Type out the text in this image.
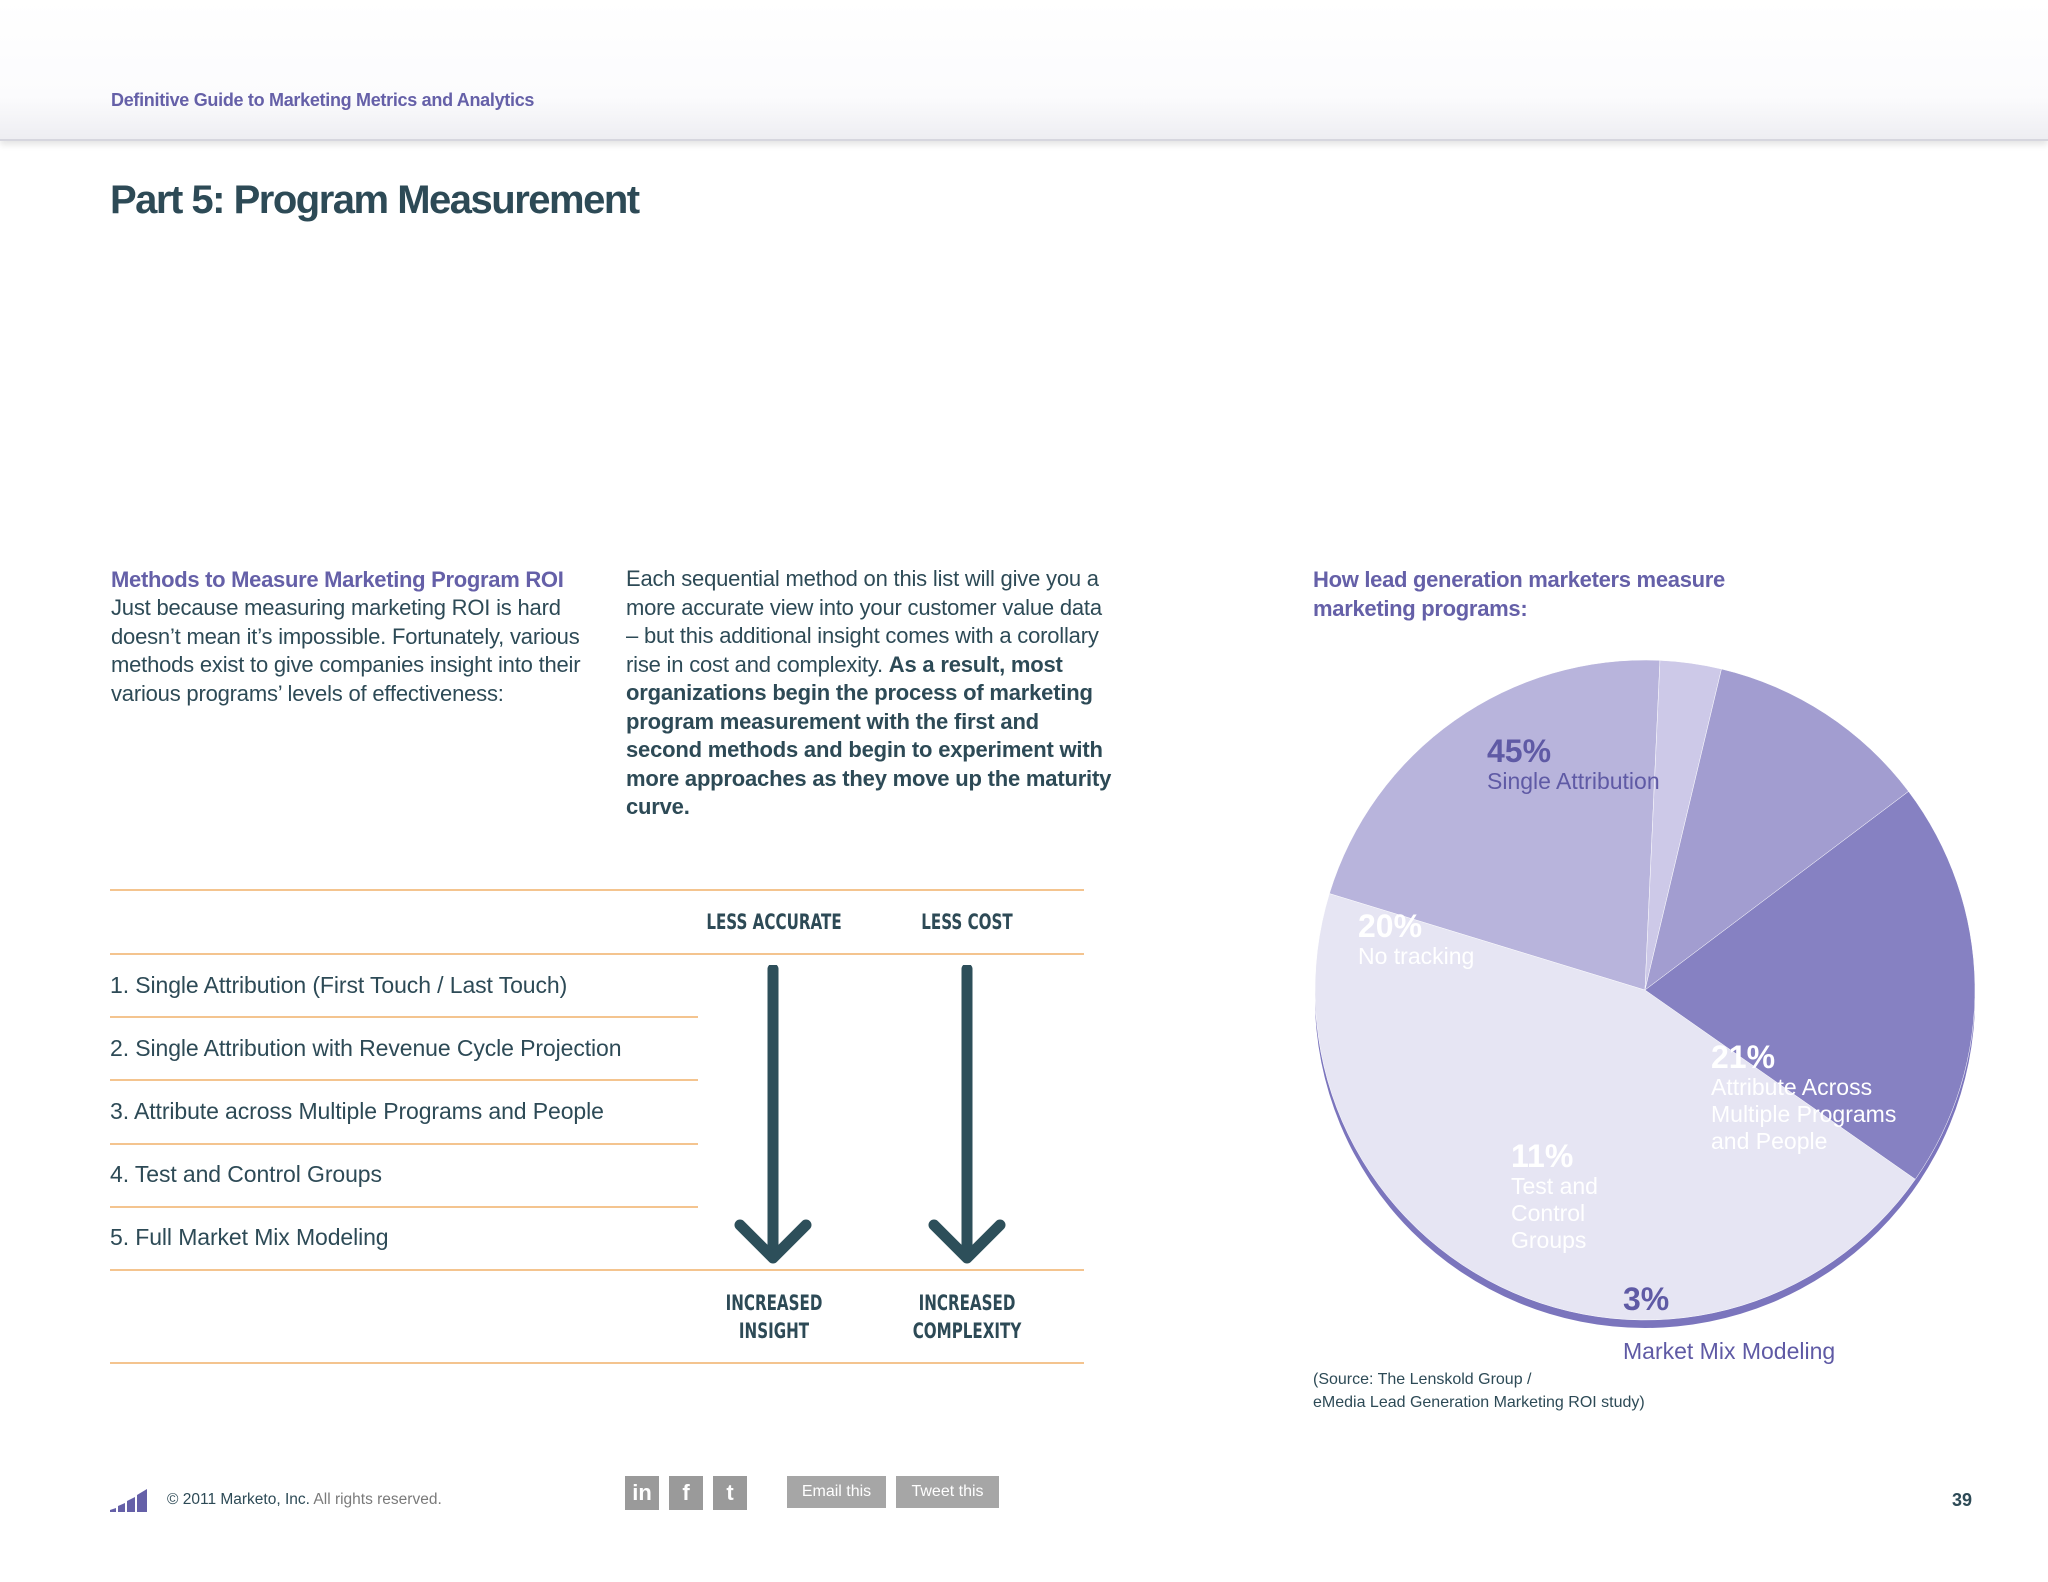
Definitive Guide to Marketing Metrics and Analytics
Part 5: Program Measurement
Methods to Measure Marketing Program ROI
Just because measuring marketing ROI is hard doesn’t mean it’s impossible. Fortunately, various methods exist to give companies insight into their various programs’ levels of effectiveness:
Each sequential method on this list will give you a more accurate view into your customer value data – but this additional insight comes with a corollary rise in cost and complexity. As a result, most organizations begin the process of marketing program measurement with the first and second methods and begin to experiment with more approaches as they move up the maturity curve.
LESS ACCURATE	LESS COST
1. Single Attribution (First Touch / Last Touch)
2. Single Attribution with Revenue Cycle Projection
3. Attribute across Multiple Programs and People
4. Test and Control Groups
5. Full Market Mix Modeling
INCREASED
INSIGHT
INCREASED
COMPLEXITY
How lead generation marketers measure marketing programs:
45%
Single Attribution
20%
No tracking
21%
Attribute Across
Multiple Programs
and People
11%
Test and
Control
Groups
3%
Market Mix Modeling
(Source: The Lenskold Group /
eMedia Lead Generation Marketing ROI study)
© 2011 Marketo, Inc. All rights reserved.	in	f	t	Email this	Tweet this	39
